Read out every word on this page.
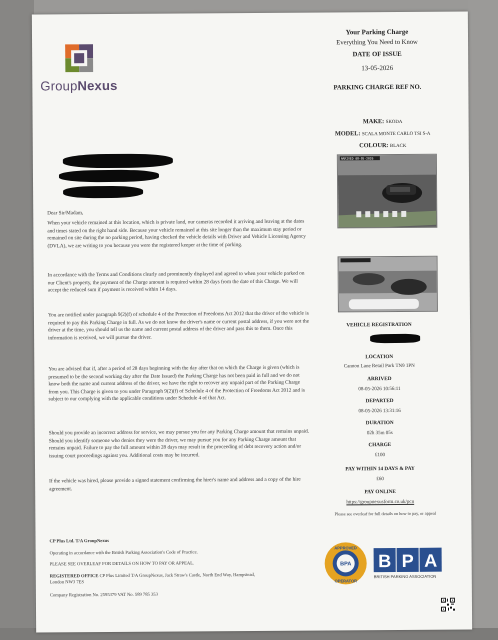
GroupNexus
Your Parking Charge
Everything You Need to Know
DATE OF ISSUE
13-05-2026
PARKING CHARGE REF NO.
MAKE: SKODA
MODEL: SCALA MONTE CARLO TSI S-A
COLOUR: BLACK
ARRIVED 08-05-2026
Dear Sir/Madam,
When your vehicle remained at this location, which is private land, our cameras recorded it arriving and leaving at the dates and times stated on the right hand side. Because your vehicle remained at this site longer than the maximum stay period or remained on site during the no parking period, having checked the vehicle details with Driver and Vehicle Licensing Agency (DVLA), we are writing to you because you were the registered keeper at the time of parking.
In accordance with the Terms and Conditions clearly and prominently displayed and agreed to when your vehicle parked on our Client's property, the payment of the Charge amount is required within 28 days from the date of this Charge. We will accept the reduced sum if payment is received within 14 days.
You are notified under paragraph 9(2)(f) of schedule 4 of the Protection of Freedoms Act 2012 that the driver of the vehicle is required to pay this Parking Charge in full. As we do not know the driver's name or current postal address, if you were not the driver at the time, you should tell us the name and current postal address of the driver and pass this to them. Once this information is received, we will pursue the driver.
You are advised that if, after a period of 28 days beginning with the day after that on which the Charge is given (which is presumed to be the second working day after the Date Issued) the Parking Charge has not been paid in full and we do not know both the name and current address of the driver, we have the right to recover any unpaid part of the Parking Charge from you. This Charge is given to you under Paragraph 9(2)(f) of Schedule 4 of the Protection of Freedoms Act 2012 and is subject to our complying with the applicable conditions under Schedule 4 of that Act.
Should you provide an incorrect address for service, we may pursue you for any Parking Charge amount that remains unpaid. Should you identify someone who denies they were the driver, we may pursue you for any Parking Charge amount that remains unpaid. Failure to pay the full amount within 28 days may result in the proceeding of debt recovery action and/or issuing court proceedings against you. Additional costs may be incurred.
If the vehicle was hired, please provide a signed statement confirming the hirer's name and address and a copy of the hire agreement.
VEHICLE REGISTRATION
LOCATION
Cannon Lane Retail Park TN9 1PN
ARRIVED
08-05-2026 10:56:11
DEPARTED
08-05-2026 13:31:16
DURATION
02h 35m 05s
CHARGE
£100
PAY WITHIN 14 DAYS & PAY
£60
PAY ONLINE
https://groupnexusform.co.uk/pcn
Please see overleaf for full details on how to pay, or appeal
CP Plus Ltd. T/A GroupNexus
Operating in accordance with the British Parking Association's Code of Practice.
PLEASE SEE OVERLEAF FOR DETAILS ON HOW TO PAY OR APPEAL.
REGISTERED OFFICE CP Plus Limited T/A GroupNexus, Jack Straw's Castle, North End Way, Hampstead, London NW3 7ES
Company Registration No. 2595379 VAT No. 589 785 353
BPA
APPROVED
OPERATOR
B P A
BRITISH PARKING ASSOCIATION
